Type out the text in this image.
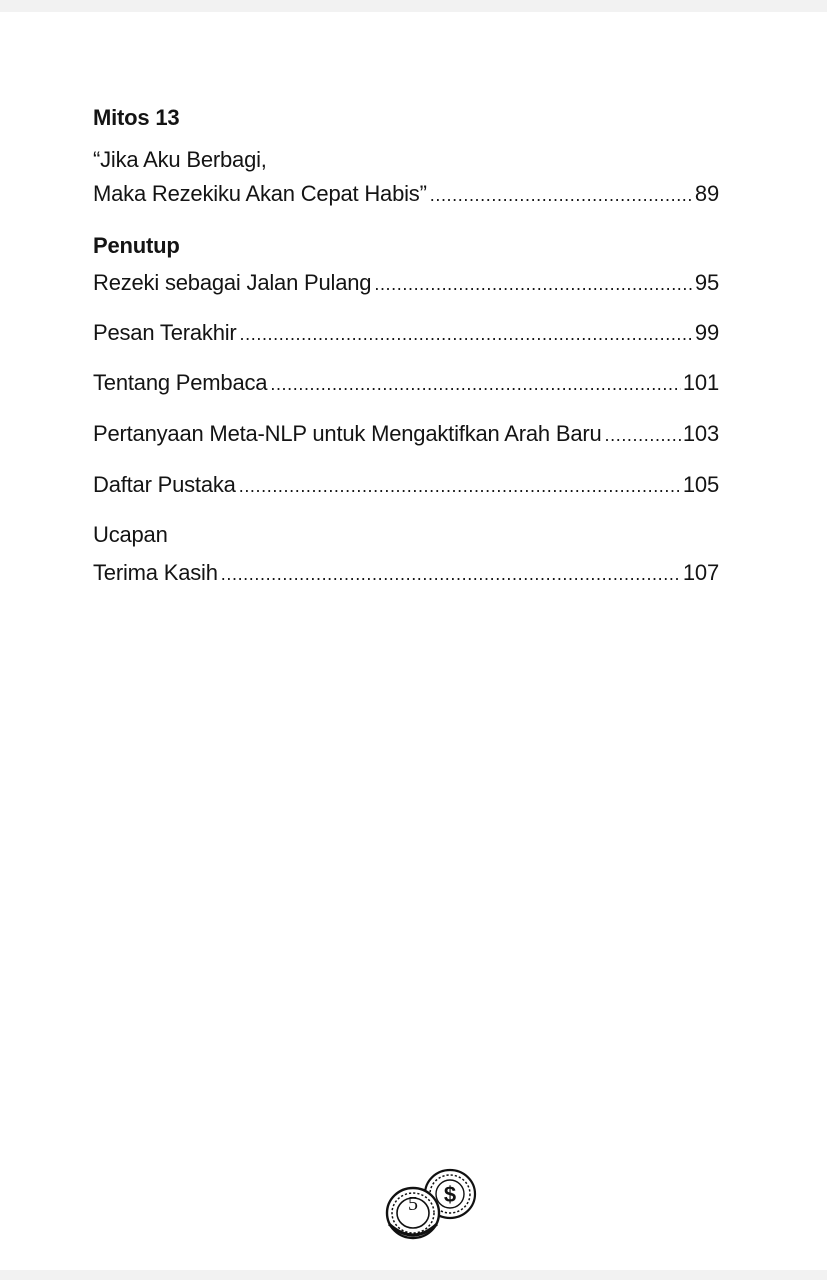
Mitos 13
“Jika Aku Berbagi,
Maka Rezekiku Akan Cepat Habis” .....	89
Penutup
Rezeki sebagai Jalan Pulang .....	95
Pesan Terakhir .....	99
Tentang Pembaca .....	101
Pertanyaan Meta-NLP untuk Mengaktifkan Arah Baru .....	103
Daftar Pustaka .....	105
Ucapan
Terima Kasih .....	107
$
5
